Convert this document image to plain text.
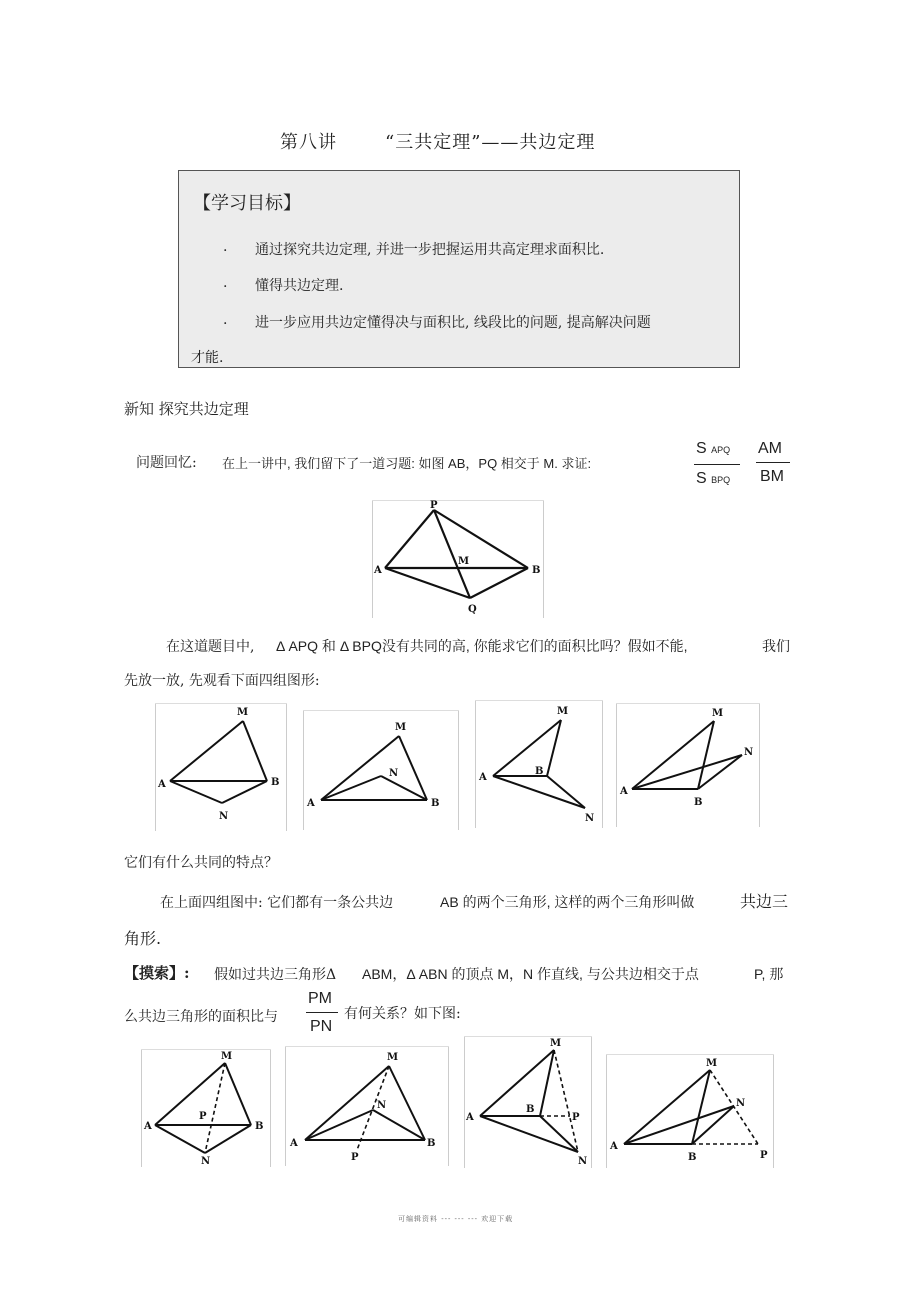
第八讲	“三共定理”——共边定理
【学习目标】
. 通过探究共边定理, 并进一步把握运用共高定理求面积比.
. 懂得共边定理.
. 进一步应用共边定懂得决与面积比, 线段比的问题, 提高解决问题
才能.
新知 探究共边定理
问题回忆: 在上一讲中, 我们留下了一道习题: 如图 AB，PQ 相交于 M. 求证:
S APQ
S BPQ
AM
BM
P
M
A	B
Q
在这道题目中, Δ APQ 和 Δ BPQ没有共同的高, 你能求它们的面积比吗？假如不能,	我们
先放一放, 先观看下面四组图形:
M
A	B
N
M
N
A	B
M
B
A
N
M
N
A
B
它们有什么共同的特点？
在上面四组图中: 它们都有一条公共边	AB 的两个三角形, 这样的两个三角形叫做	共边三
角形.
【摸索】: 假如过共边三角形Δ ABM，Δ ABN 的顶点 M，N 作直线, 与公共边相交于点	P, 那
么共边三角形的面积比与
PM
PN
有何关系？如下图:
M
P
A	B
N
M
N
A	B
P
M
B
P
A
N
M
N
A
B	P
可编辑资料 --- --- --- 欢迎下载
